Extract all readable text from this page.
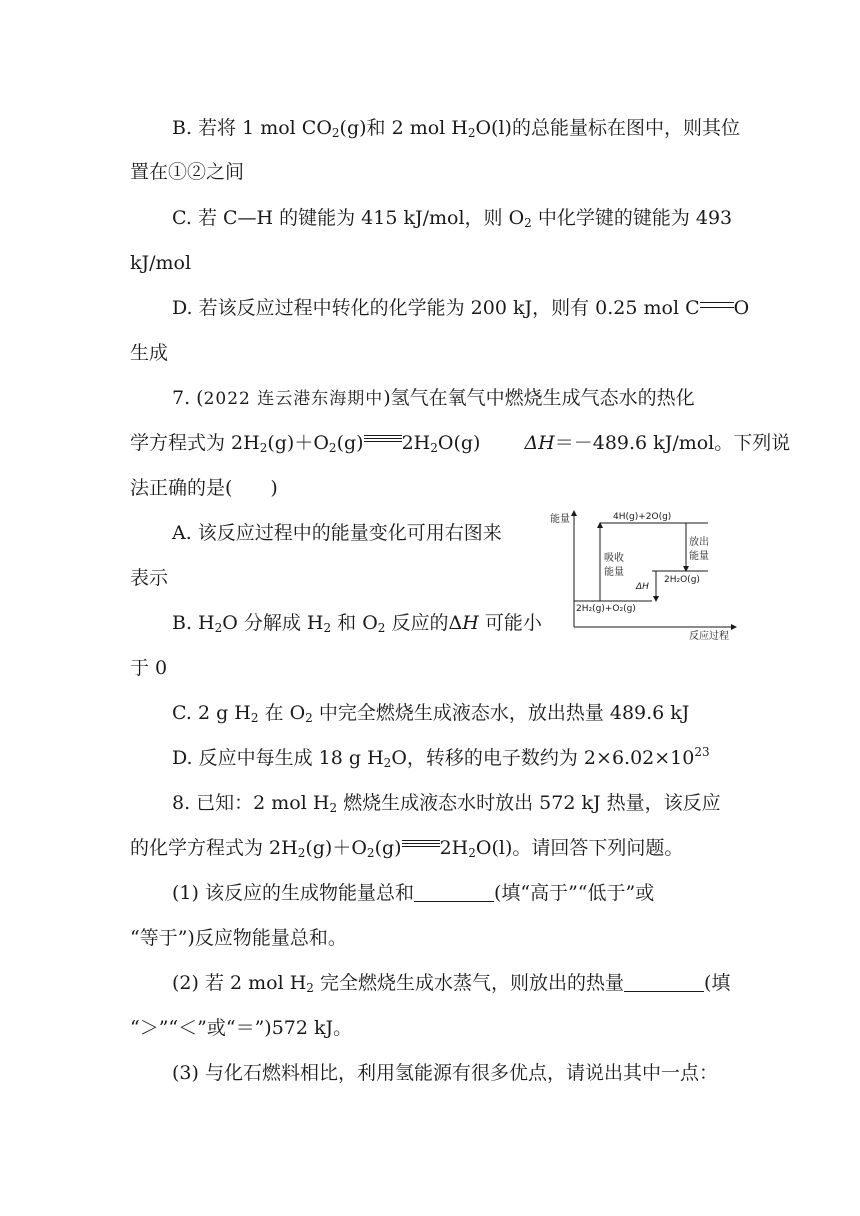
B. 若将 1 mol $CO_2(g)$和 2 mol $H_2O(l)$的总能量标在图中，则其位
置在①②之间
C. 若 C—H 的键能为 415 kJ/mol，则 $O_2$ 中化学键的键能为 493
kJ/mol
D. 若该反应过程中转化的化学能为 200 kJ，则有 0.25 mol C O
生成
7. (2022 连云港东海期中)氢气在氧气中燃烧生成气态水的热化
学方程式为 $2H_2(g)+O_2(g)$ $2H_2O(g)$ ΔH＝－489.6 kJ/mol。下列说
法正确的是(　　)
A. 该反应过程中的能量变化可用右图来
表示
B. $H_2O$ 分解成 $H_2$ 和 $O_2$ 反应的ΔH 可能小
于 0
C. 2 g $H_2$ 在 $O_2$ 中完全燃烧生成液态水，放出热量 489.6 kJ
D. 反应中每生成 18 g $H_2O$，转移的电子数约为 $2\times 6.02\times 10^{23}$
能量
反应过程
4H(g)+2O(g)
2H₂O(g)
2H₂(g)+O₂(g)
吸收
能量
放出
能量
ΔH
8. 已知：2 mol $H_2$ 燃烧生成液态水时放出 572 kJ 热量，该反应
的化学方程式为 $2H_2(g)+O_2(g)$ $2H_2O(l)$。请回答下列问题。
(1) 该反应的生成物能量总和	(填“高于”“低于”或
“等于”)反应物能量总和。
(2) 若 2 mol $H_2$ 完全燃烧生成水蒸气，则放出的热量	(填
“＞”“＜”或“＝”)572 kJ。
(3) 与化石燃料相比，利用氢能源有很多优点，请说出其中一点：
